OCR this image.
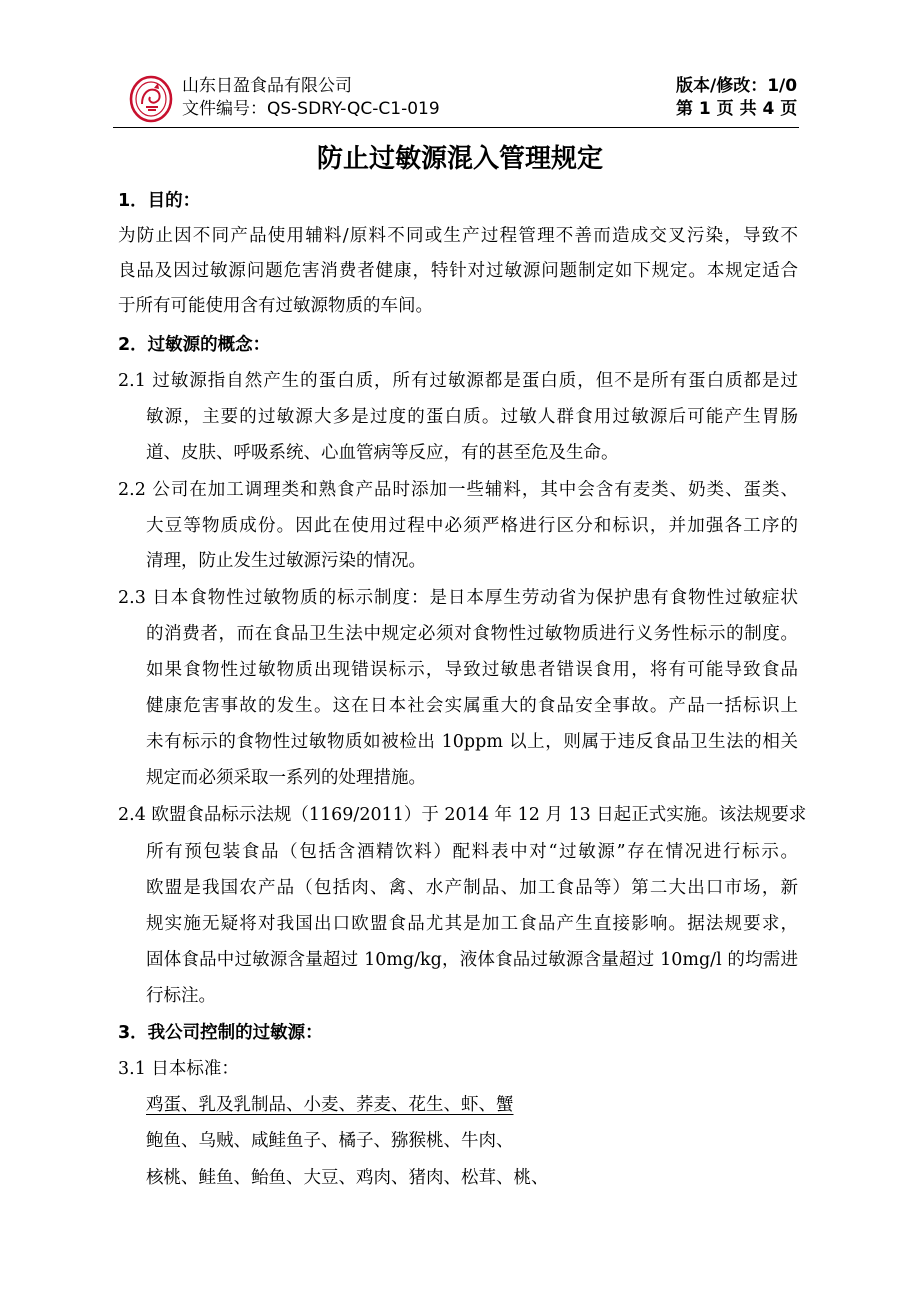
山东日盈食品有限公司
文件编号：QS-SDRY-QC-C1-019
版本/修改：1/0
第 1 页 共 4 页
防止过敏源混入管理规定
1．目的：
为防止因不同产品使用辅料/原料不同或生产过程管理不善而造成交叉污染，导致不
良品及因过敏源问题危害消费者健康，特针对过敏源问题制定如下规定。本规定适合
于所有可能使用含有过敏源物质的车间。
2．过敏源的概念：
2.1 过敏源指自然产生的蛋白质，所有过敏源都是蛋白质，但不是所有蛋白质都是过
敏源，主要的过敏源大多是过度的蛋白质。过敏人群食用过敏源后可能产生胃肠
道、皮肤、呼吸系统、心血管病等反应，有的甚至危及生命。
2.2 公司在加工调理类和熟食产品时添加一些辅料，其中会含有麦类、奶类、蛋类、
大豆等物质成份。因此在使用过程中必须严格进行区分和标识，并加强各工序的
清理，防止发生过敏源污染的情况。
2.3 日本食物性过敏物质的标示制度：是日本厚生劳动省为保护患有食物性过敏症状
的消费者，而在食品卫生法中规定必须对食物性过敏物质进行义务性标示的制度。
如果食物性过敏物质出现错误标示，导致过敏患者错误食用，将有可能导致食品
健康危害事故的发生。这在日本社会实属重大的食品安全事故。产品一括标识上
未有标示的食物性过敏物质如被检出 10ppm 以上，则属于违反食品卫生法的相关
规定而必须采取一系列的处理措施。
2.4 欧盟食品标示法规（1169/2011）于 2014 年 12 月 13 日起正式实施。该法规要求
所有预包装食品（包括含酒精饮料）配料表中对“过敏源”存在情况进行标示。
欧盟是我国农产品（包括肉、禽、水产制品、加工食品等）第二大出口市场，新
规实施无疑将对我国出口欧盟食品尤其是加工食品产生直接影响。据法规要求，
固体食品中过敏源含量超过 10mg/kg，液体食品过敏源含量超过 10mg/l 的均需进
行标注。
3．我公司控制的过敏源：
3.1 日本标准：
鸡蛋、乳及乳制品、小麦、荞麦、花生、虾、蟹
鲍鱼、乌贼、咸鲑鱼子、橘子、猕猴桃、牛肉、
核桃、鲑鱼、鲐鱼、大豆、鸡肉、猪肉、松茸、桃、
